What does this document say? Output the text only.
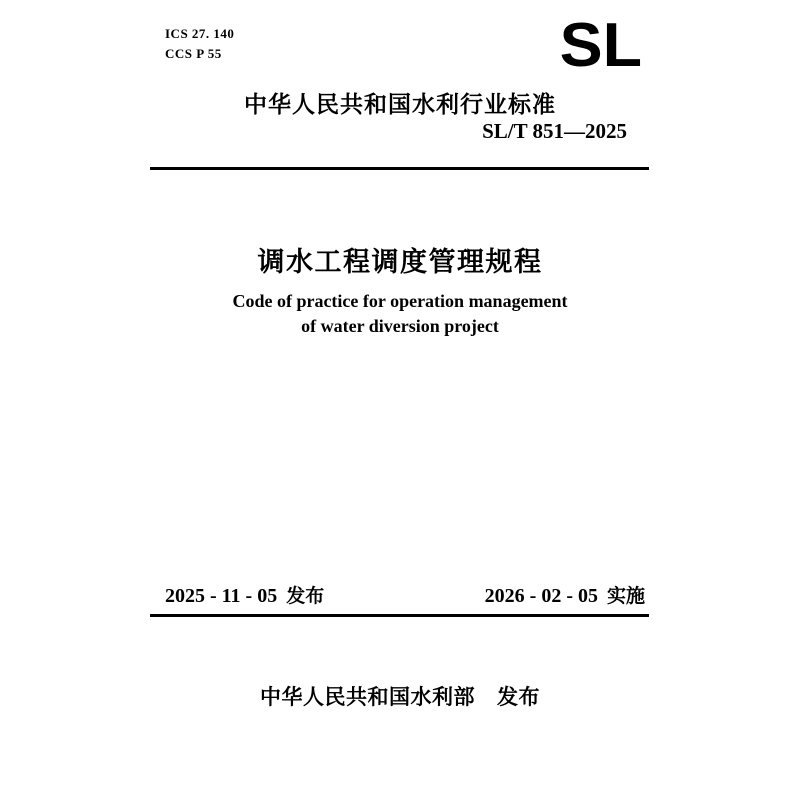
ICS 27. 140
CCS P 55	SL
中华人民共和国水利行业标准
SL/T 851—2025
调水工程调度管理规程
Code of practice for operation management
of water diversion project
2025 - 11 - 05 发布	2026 - 02 - 05 实施
中华人民共和国水利部 发布
